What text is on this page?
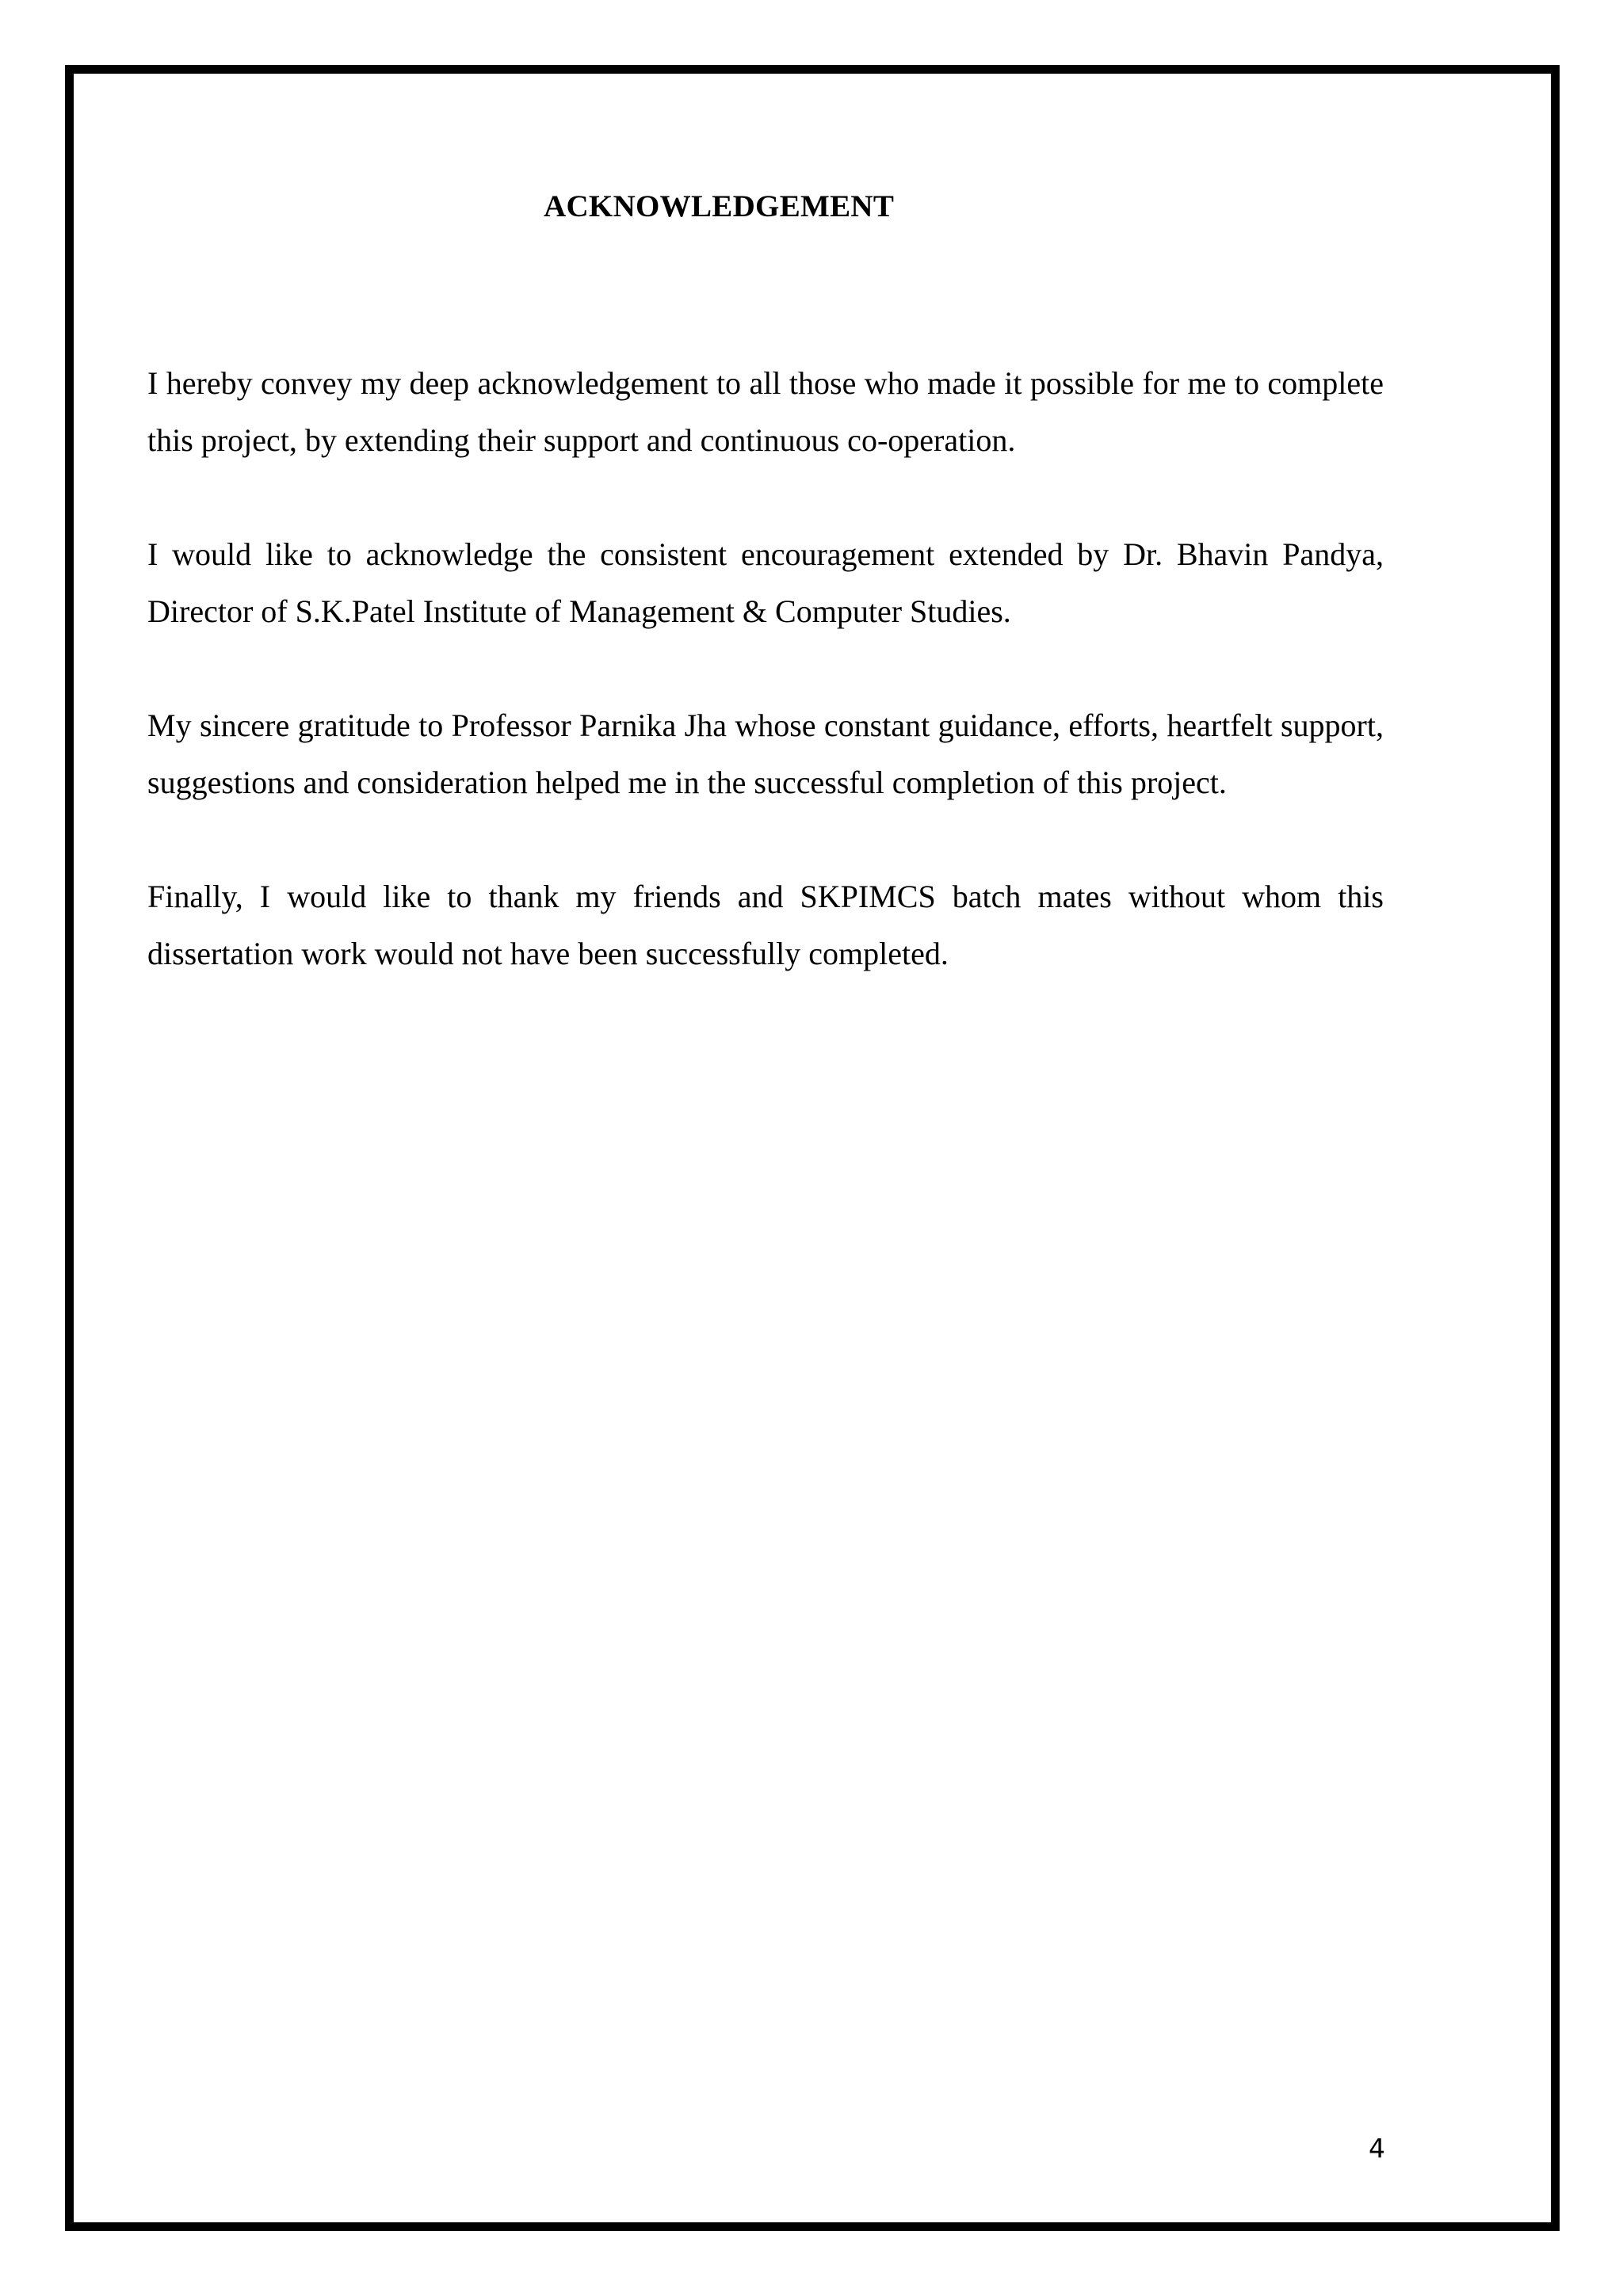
ACKNOWLEDGEMENT

I hereby convey my deep acknowledgement to all those who made it possible for me to complete this project, by extending their support and continuous co-operation.

I would like to acknowledge the consistent encouragement extended by Dr. Bhavin Pandya, Director of S.K.Patel Institute of Management & Computer Studies.

My sincere gratitude to Professor Parnika Jha whose constant guidance, efforts, heartfelt support, suggestions and consideration helped me in the successful completion of this project.

Finally, I would like to thank my friends and SKPIMCS batch mates without whom this dissertation work would not have been successfully completed.

4
